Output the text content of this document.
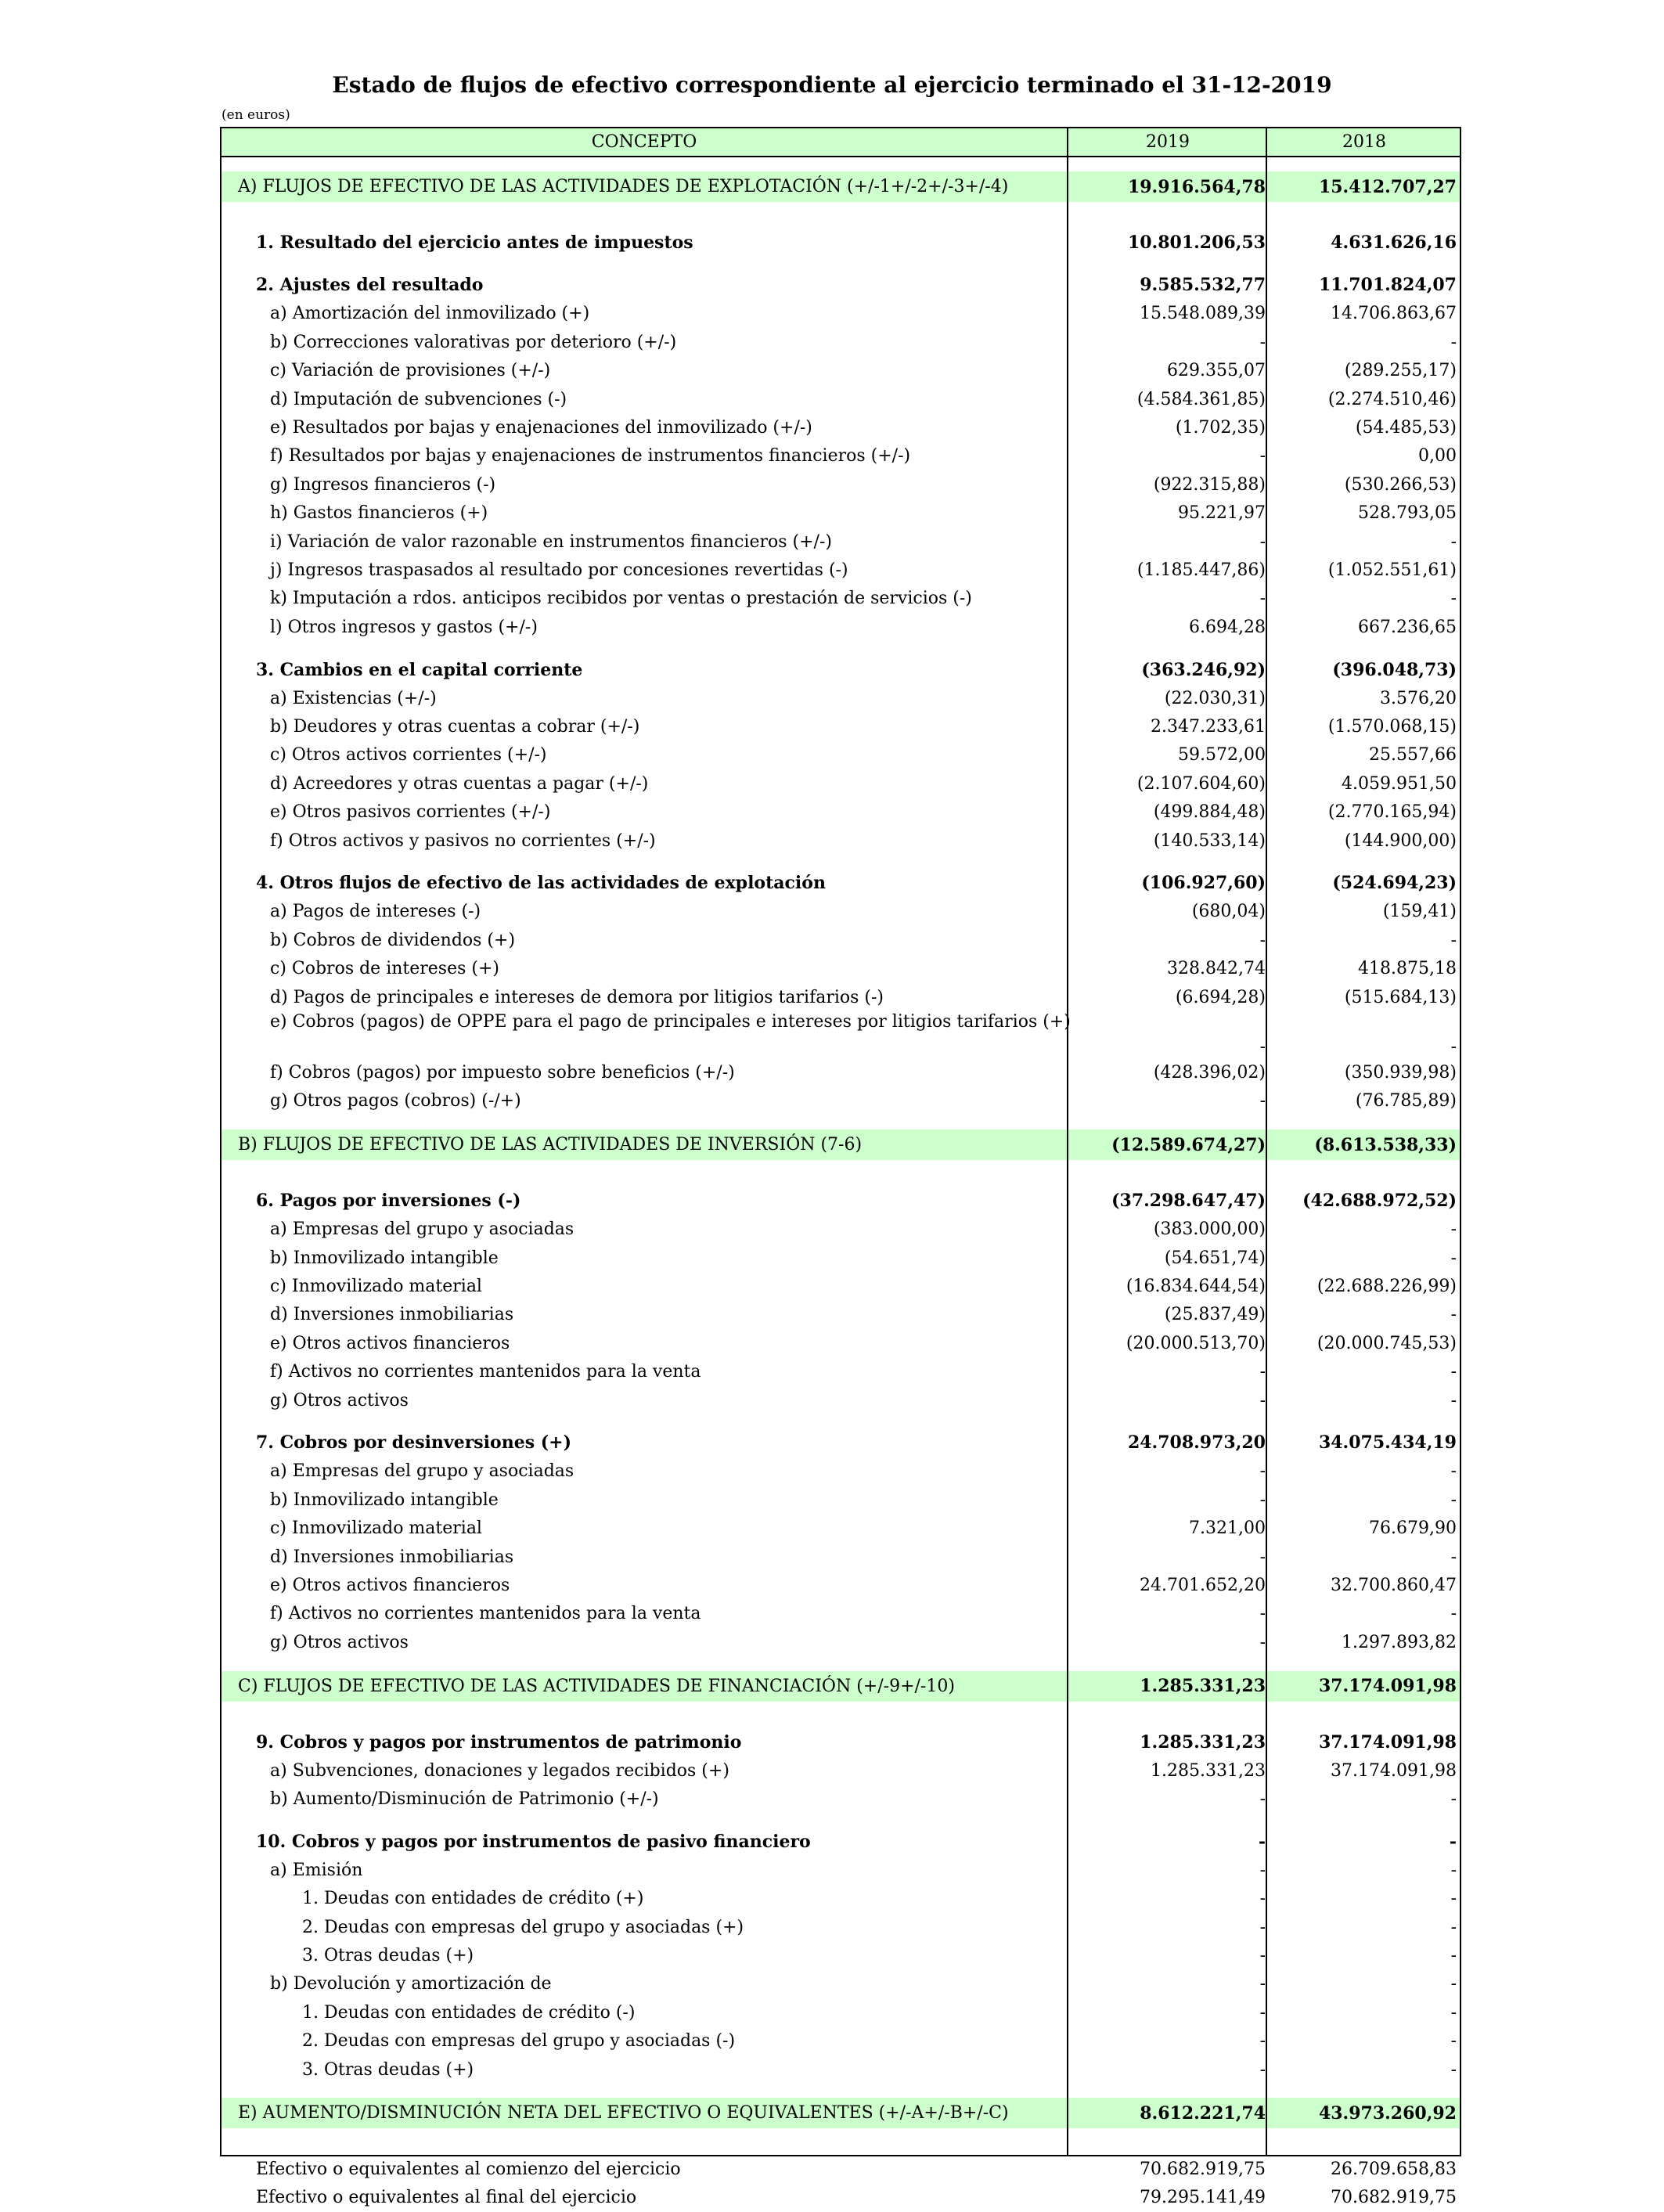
Estado de flujos de efectivo correspondiente al ejercicio terminado el 31-12-2019
(en euros)
CONCEPTO	2019	2018
A) FLUJOS DE EFECTIVO DE LAS ACTIVIDADES DE EXPLOTACIÓN (+/-1+/-2+/-3+/-4)	19.916.564,78	15.412.707,27
1. Resultado del ejercicio antes de impuestos	10.801.206,53	4.631.626,16
2. Ajustes del resultado	9.585.532,77	11.701.824,07
a) Amortización del inmovilizado (+)	15.548.089,39	14.706.863,67
b) Correcciones valorativas por deterioro (+/-)	-	-
c) Variación de provisiones (+/-)	629.355,07	(289.255,17)
d) Imputación de subvenciones (-)	(4.584.361,85)	(2.274.510,46)
e) Resultados por bajas y enajenaciones del inmovilizado (+/-)	(1.702,35)	(54.485,53)
f) Resultados por bajas y enajenaciones de instrumentos financieros (+/-)	-	0,00
g) Ingresos financieros (-)	(922.315,88)	(530.266,53)
h) Gastos financieros (+)	95.221,97	528.793,05
i) Variación de valor razonable en instrumentos financieros (+/-)	-	-
j) Ingresos traspasados al resultado por concesiones revertidas (-)	(1.185.447,86)	(1.052.551,61)
k) Imputación a rdos. anticipos recibidos por ventas o prestación de servicios (-)	-	-
l) Otros ingresos y gastos (+/-)	6.694,28	667.236,65
3. Cambios en el capital corriente	(363.246,92)	(396.048,73)
a) Existencias (+/-)	(22.030,31)	3.576,20
b) Deudores y otras cuentas a cobrar (+/-)	2.347.233,61	(1.570.068,15)
c) Otros activos corrientes (+/-)	59.572,00	25.557,66
d) Acreedores y otras cuentas a pagar (+/-)	(2.107.604,60)	4.059.951,50
e) Otros pasivos corrientes (+/-)	(499.884,48)	(2.770.165,94)
f) Otros activos y pasivos no corrientes (+/-)	(140.533,14)	(144.900,00)
4. Otros flujos de efectivo de las actividades de explotación	(106.927,60)	(524.694,23)
a) Pagos de intereses (-)	(680,04)	(159,41)
b) Cobros de dividendos (+)	-	-
c) Cobros de intereses (+)	328.842,74	418.875,18
d) Pagos de principales e intereses de demora por litigios tarifarios (-)	(6.694,28)	(515.684,13)
e) Cobros (pagos) de OPPE para el pago de principales e intereses por litigios tarifarios (+)
-	-
f) Cobros (pagos) por impuesto sobre beneficios (+/-)	(428.396,02)	(350.939,98)
g) Otros pagos (cobros) (-/+)	-	(76.785,89)
B) FLUJOS DE EFECTIVO DE LAS ACTIVIDADES DE INVERSIÓN (7-6)	(12.589.674,27)	(8.613.538,33)
6. Pagos por inversiones (-)	(37.298.647,47)	(42.688.972,52)
a) Empresas del grupo y asociadas	(383.000,00)	-
b) Inmovilizado intangible	(54.651,74)	-
c) Inmovilizado material	(16.834.644,54)	(22.688.226,99)
d) Inversiones inmobiliarias	(25.837,49)	-
e) Otros activos financieros	(20.000.513,70)	(20.000.745,53)
f) Activos no corrientes mantenidos para la venta	-	-
g) Otros activos	-	-
7. Cobros por desinversiones (+)	24.708.973,20	34.075.434,19
a) Empresas del grupo y asociadas	-	-
b) Inmovilizado intangible	-	-
c) Inmovilizado material	7.321,00	76.679,90
d) Inversiones inmobiliarias	-	-
e) Otros activos financieros	24.701.652,20	32.700.860,47
f) Activos no corrientes mantenidos para la venta	-	-
g) Otros activos	-	1.297.893,82
C) FLUJOS DE EFECTIVO DE LAS ACTIVIDADES DE FINANCIACIÓN (+/-9+/-10)	1.285.331,23	37.174.091,98
9. Cobros y pagos por instrumentos de patrimonio	1.285.331,23	37.174.091,98
a) Subvenciones, donaciones y legados recibidos (+)	1.285.331,23	37.174.091,98
b) Aumento/Disminución de Patrimonio (+/-)	-	-
10. Cobros y pagos por instrumentos de pasivo financiero	-	-
a) Emisión	-	-
1. Deudas con entidades de crédito (+)	-	-
2. Deudas con empresas del grupo y asociadas (+)	-	-
3. Otras deudas (+)	-	-
b) Devolución y amortización de	-	-
1. Deudas con entidades de crédito (-)	-	-
2. Deudas con empresas del grupo y asociadas (-)	-	-
3. Otras deudas (+)	-	-
E) AUMENTO/DISMINUCIÓN NETA DEL EFECTIVO O EQUIVALENTES (+/-A+/-B+/-C)	8.612.221,74	43.973.260,92
Efectivo o equivalentes al comienzo del ejercicio	70.682.919,75	26.709.658,83
Efectivo o equivalentes al final del ejercicio	79.295.141,49	70.682.919,75
